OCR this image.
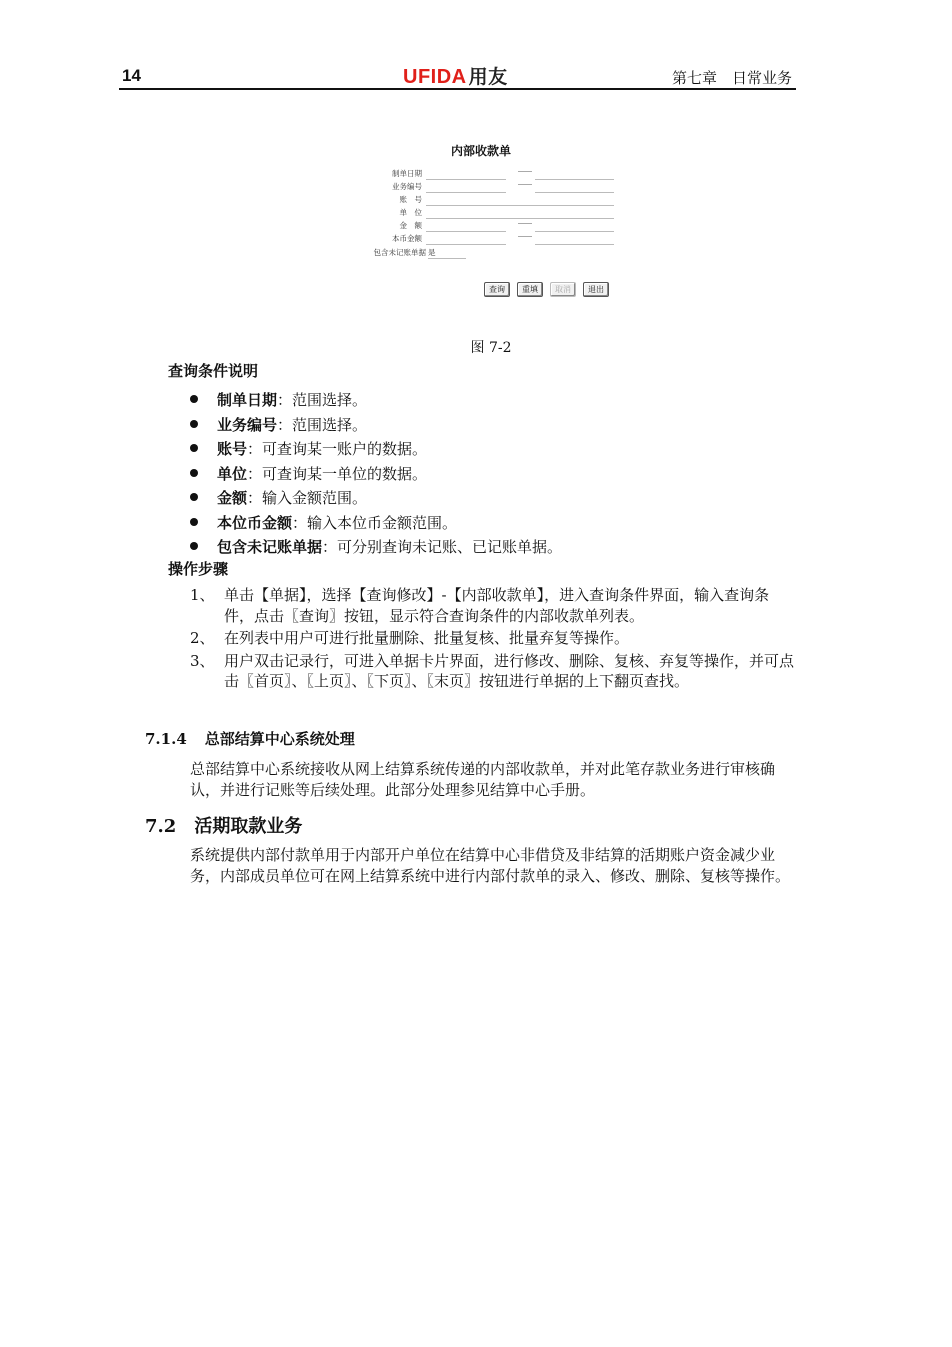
14	UFIDA 用友	第七章　日常业务
内部收款单
制单日期	——
业务编号	——
账　号
单　位
金　额	——
本币金额	——
包含未记账单据 是
查询	重填	取消	退出
图 7-2
查询条件说明
制单日期：范围选择。
业务编号：范围选择。
账号：可查询某一账户的数据。
单位：可查询某一单位的数据。
金额：输入金额范围。
本位币金额：输入本位币金额范围。
包含未记账单据：可分别查询未记账、已记账单据。
操作步骤
1、 单击【单据】，选择【查询修改】-【内部收款单】，进入查询条件界面，输入查询条件，点击〖查询〗按钮，显示符合查询条件的内部收款单列表。
2、 在列表中用户可进行批量删除、批量复核、批量弃复等操作。
3、 用户双击记录行，可进入单据卡片界面，进行修改、删除、复核、弃复等操作，并可点击〖首页〗、〖上页〗、〖下页〗、〖末页〗按钮进行单据的上下翻页查找。
7.1.4 总部结算中心系统处理
总部结算中心系统接收从网上结算系统传递的内部收款单，并对此笔存款业务进行审核确认，并进行记账等后续处理。此部分处理参见结算中心手册。
7.2 活期取款业务
系统提供内部付款单用于内部开户单位在结算中心非借贷及非结算的活期账户资金减少业务，内部成员单位可在网上结算系统中进行内部付款单的录入、修改、删除、复核等操作。
